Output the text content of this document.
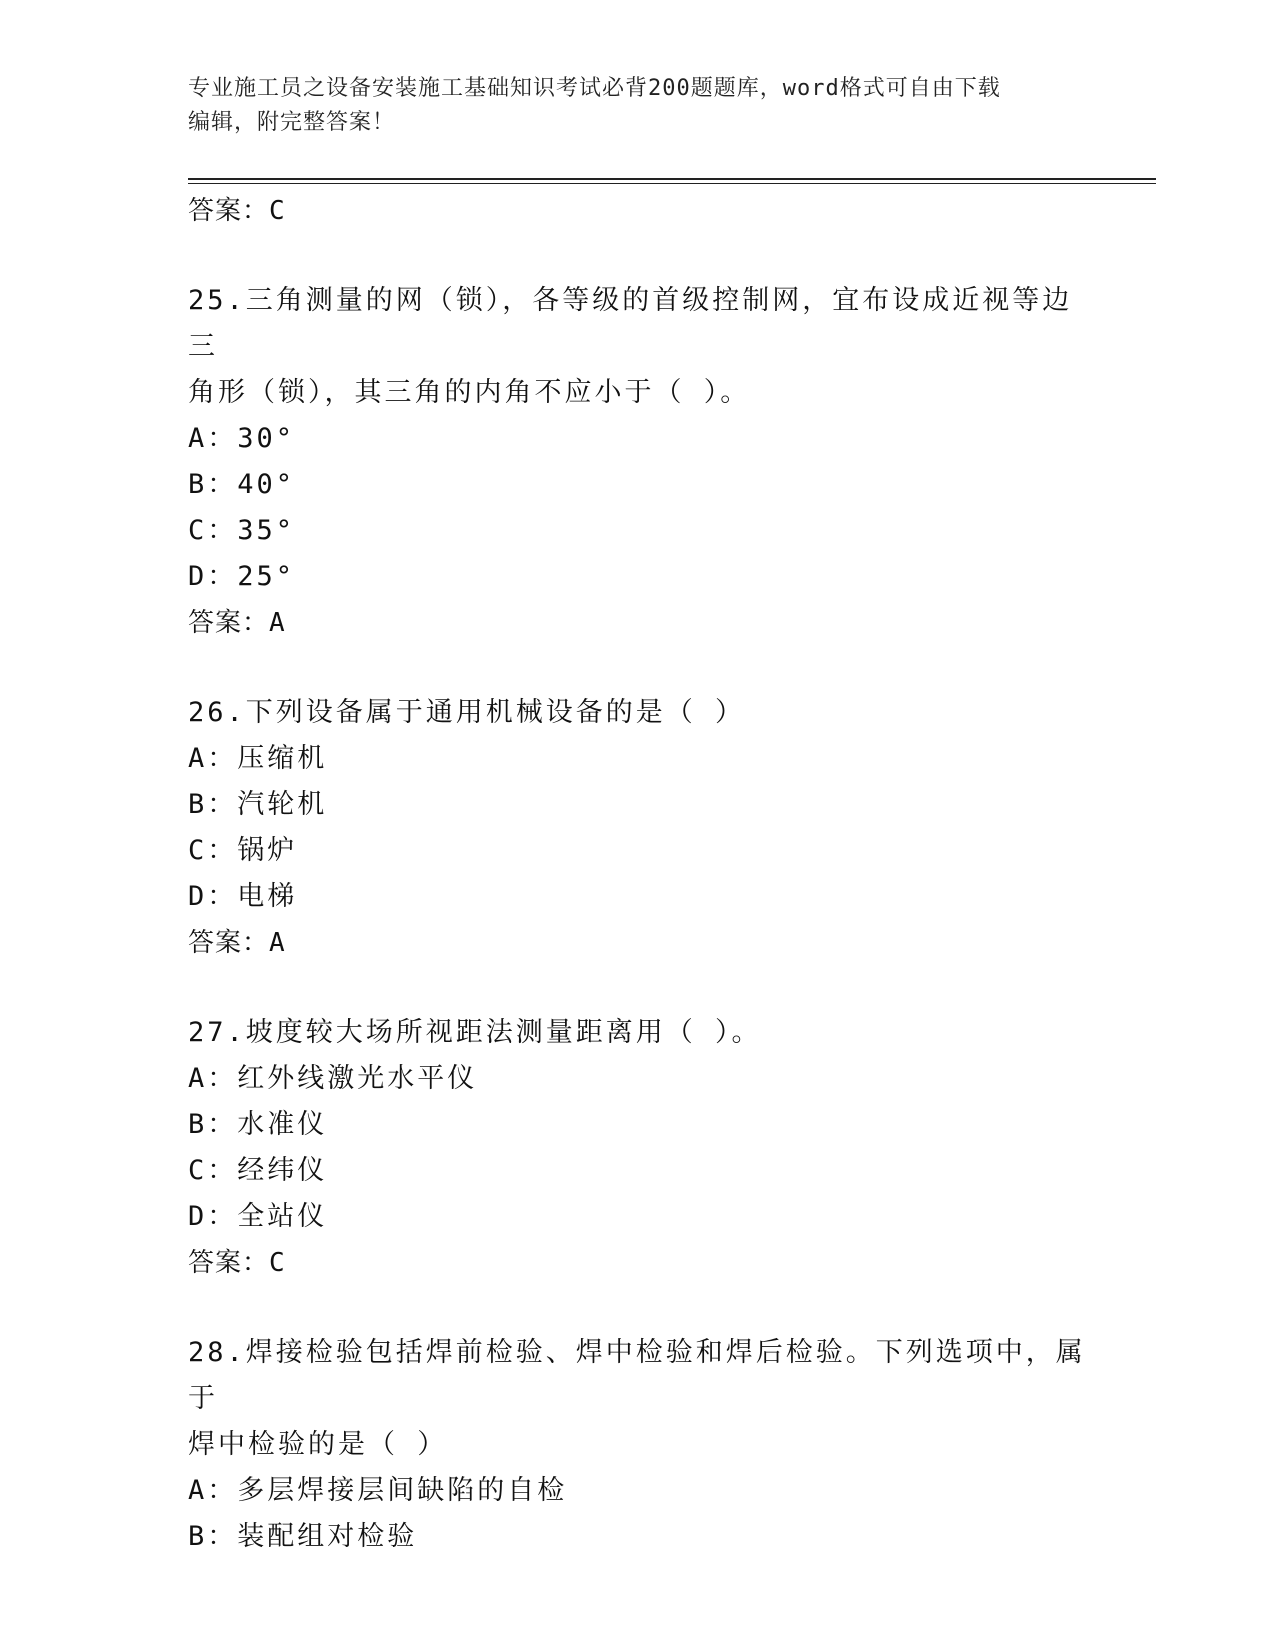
专业施工员之设备安装施工基础知识考试必背200题题库，word格式可自由下载
编辑，附完整答案！
答案：C
25.三角测量的网（锁），各等级的首级控制网，宜布设成近视等边三
角形（锁），其三角的内角不应小于（ ）。
A：30°
B：40°
C：35°
D：25°
答案：A
26.下列设备属于通用机械设备的是（ ）
A：压缩机
B：汽轮机
C：锅炉
D：电梯
答案：A
27.坡度较大场所视距法测量距离用（ ）。
A：红外线激光水平仪
B：水准仪
C：经纬仪
D：全站仪
答案：C
28.焊接检验包括焊前检验、焊中检验和焊后检验。下列选项中，属于
焊中检验的是（ ）
A：多层焊接层间缺陷的自检
B：装配组对检验
